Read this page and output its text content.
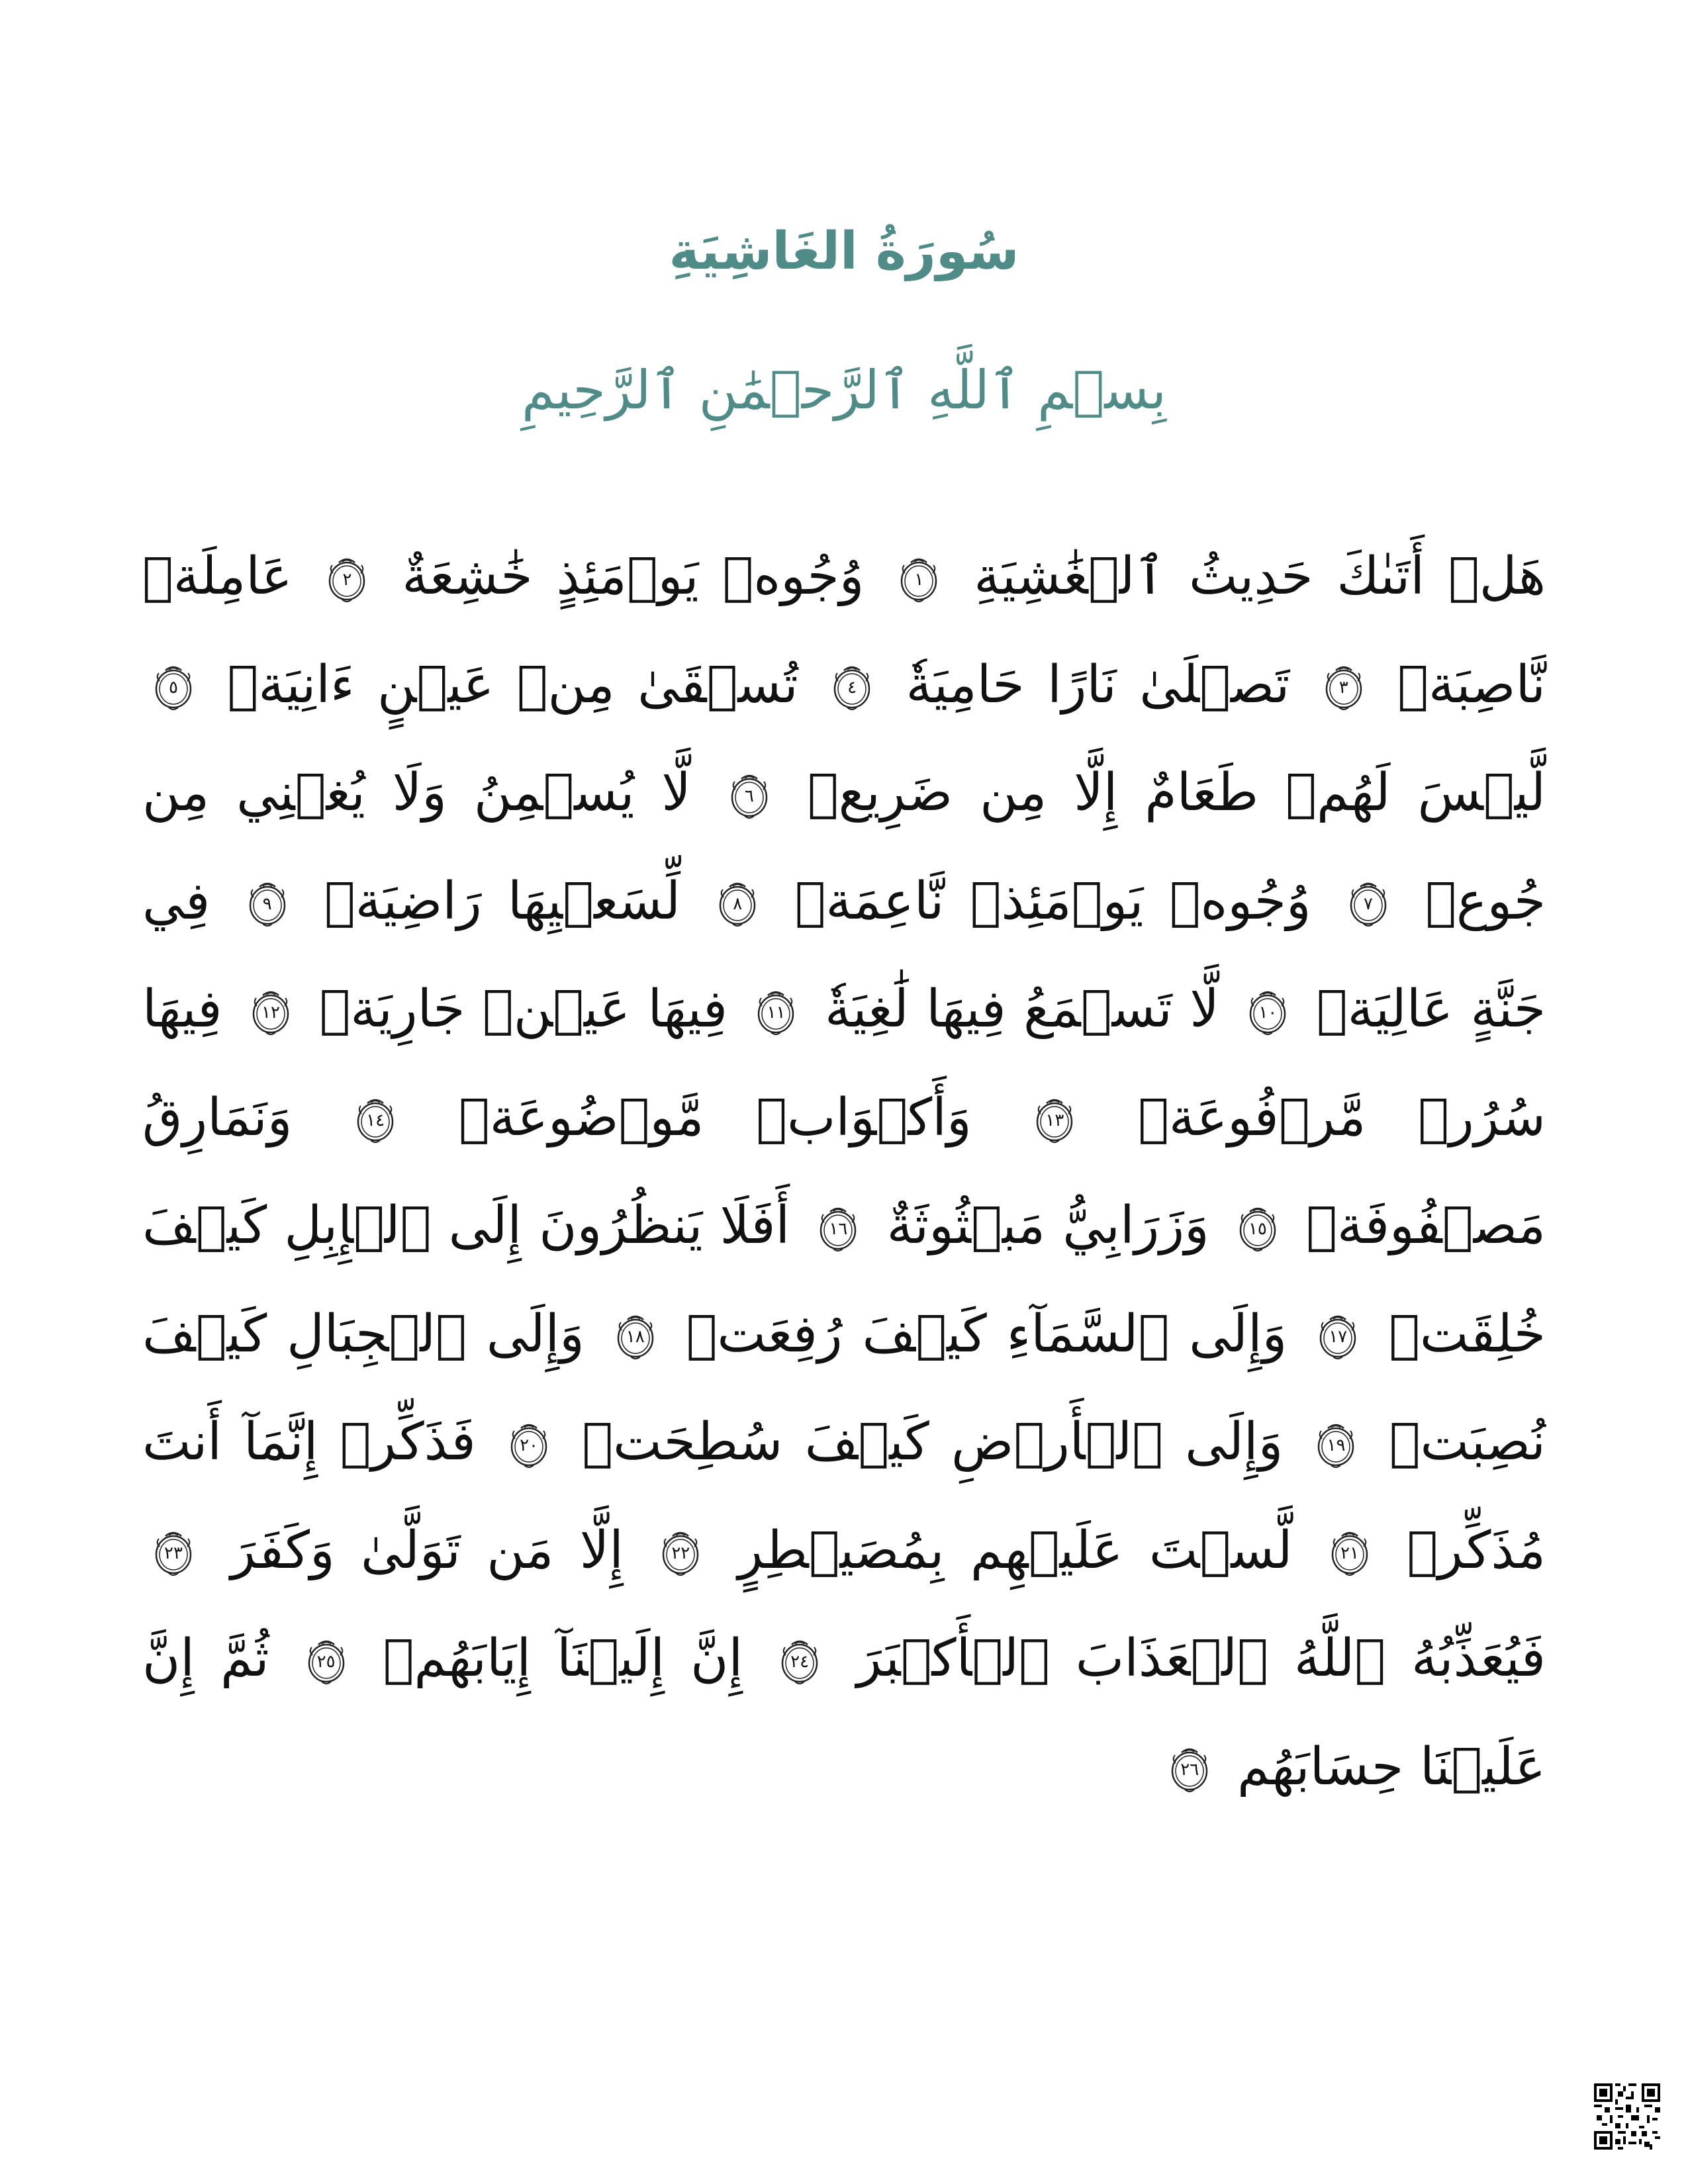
سُورَةُ الغَاشِيَةِ
بِسۡمِ ٱللَّهِ ٱلرَّحۡمَٰنِ ٱلرَّحِيمِ
هَلۡ أَتَىٰكَ حَدِيثُ ٱلۡغَٰشِيَةِ
١
وُجُوهٞ يَوۡمَئِذٍ خَٰشِعَةٌ
٢
عَامِلَةٞ نَّاصِبَةٞ
٣
تَصۡلَىٰ نَارًا حَامِيَةٗ
٤
تُسۡقَىٰ مِنۡ عَيۡنٍ ءَانِيَةٖ
٥
لَّيۡسَ لَهُمۡ طَعَامٌ إِلَّا مِن ضَرِيعٖ
٦
لَّا يُسۡمِنُ وَلَا يُغۡنِي مِن جُوعٖ
٧
وُجُوهٞ يَوۡمَئِذٖ نَّاعِمَةٞ
٨
لِّسَعۡيِهَا رَاضِيَةٞ
٩
فِي جَنَّةٍ عَالِيَةٖ
١٠
لَّا تَسۡمَعُ فِيهَا لَٰغِيَةٗ
١١
فِيهَا عَيۡنٞ جَارِيَةٞ
١٢
فِيهَا سُرُرٞ مَّرۡفُوعَةٞ
١٣
وَأَكۡوَابٞ مَّوۡضُوعَةٞ
١٤
وَنَمَارِقُ مَصۡفُوفَةٞ
١٥
وَزَرَابِيُّ مَبۡثُوثَةٌ
١٦
أَفَلَا يَنظُرُونَ إِلَى ٱلۡإِبِلِ كَيۡفَ خُلِقَتۡ
١٧
وَإِلَى ٱلسَّمَآءِ كَيۡفَ رُفِعَتۡ
١٨
وَإِلَى ٱلۡجِبَالِ كَيۡفَ نُصِبَتۡ
١٩
وَإِلَى ٱلۡأَرۡضِ كَيۡفَ سُطِحَتۡ
٢٠
فَذَكِّرۡ إِنَّمَآ أَنتَ مُذَكِّرٞ
٢١
لَّسۡتَ عَلَيۡهِم بِمُصَيۡطِرٍ
٢٢
إِلَّا مَن تَوَلَّىٰ وَكَفَرَ
٢٣
فَيُعَذِّبُهُ ٱللَّهُ ٱلۡعَذَابَ ٱلۡأَكۡبَرَ
٢٤
إِنَّ إِلَيۡنَآ إِيَابَهُمۡ
٢٥
ثُمَّ إِنَّ عَلَيۡنَا حِسَابَهُم
٢٦
